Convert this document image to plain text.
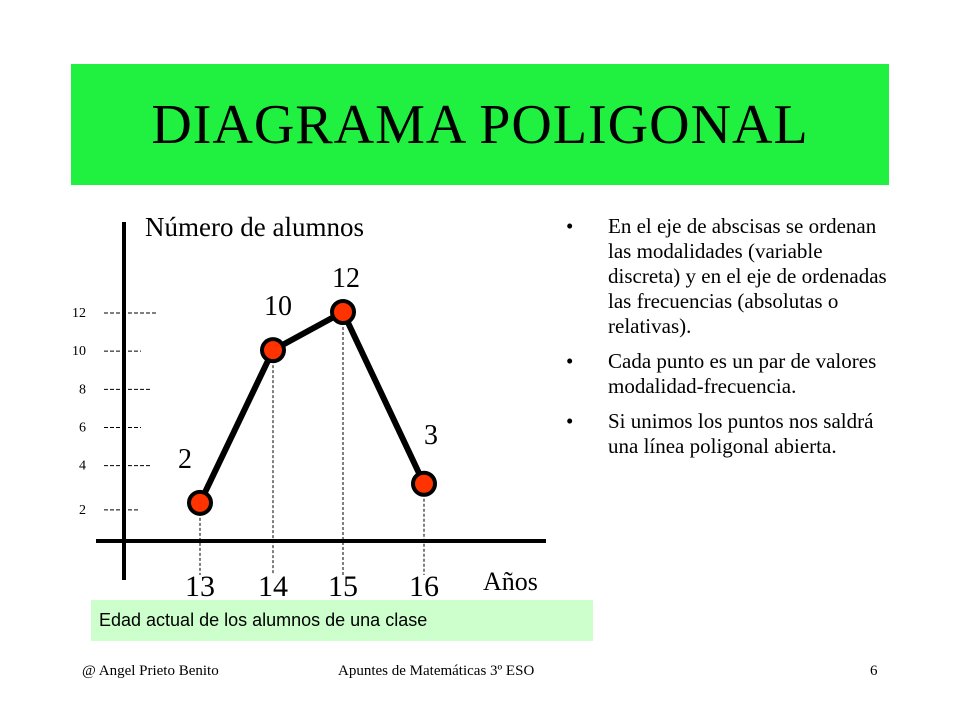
DIAGRAMA POLIGONAL
2
4
6
8
10
12
13 14 15 16
Número de alumnos
Años
2
10
12
3
• En el eje de abscisas se ordenan las modalidades (variable discreta) y en el eje de ordenadas las frecuencias (absolutas o relativas).
• Cada punto es un par de valores modalidad-frecuencia.
• Si unimos los puntos nos saldrá una línea poligonal abierta.
Edad actual de los alumnos de una clase
@ Angel Prieto Benito	Apuntes de Matemáticas 3º ESO	6
